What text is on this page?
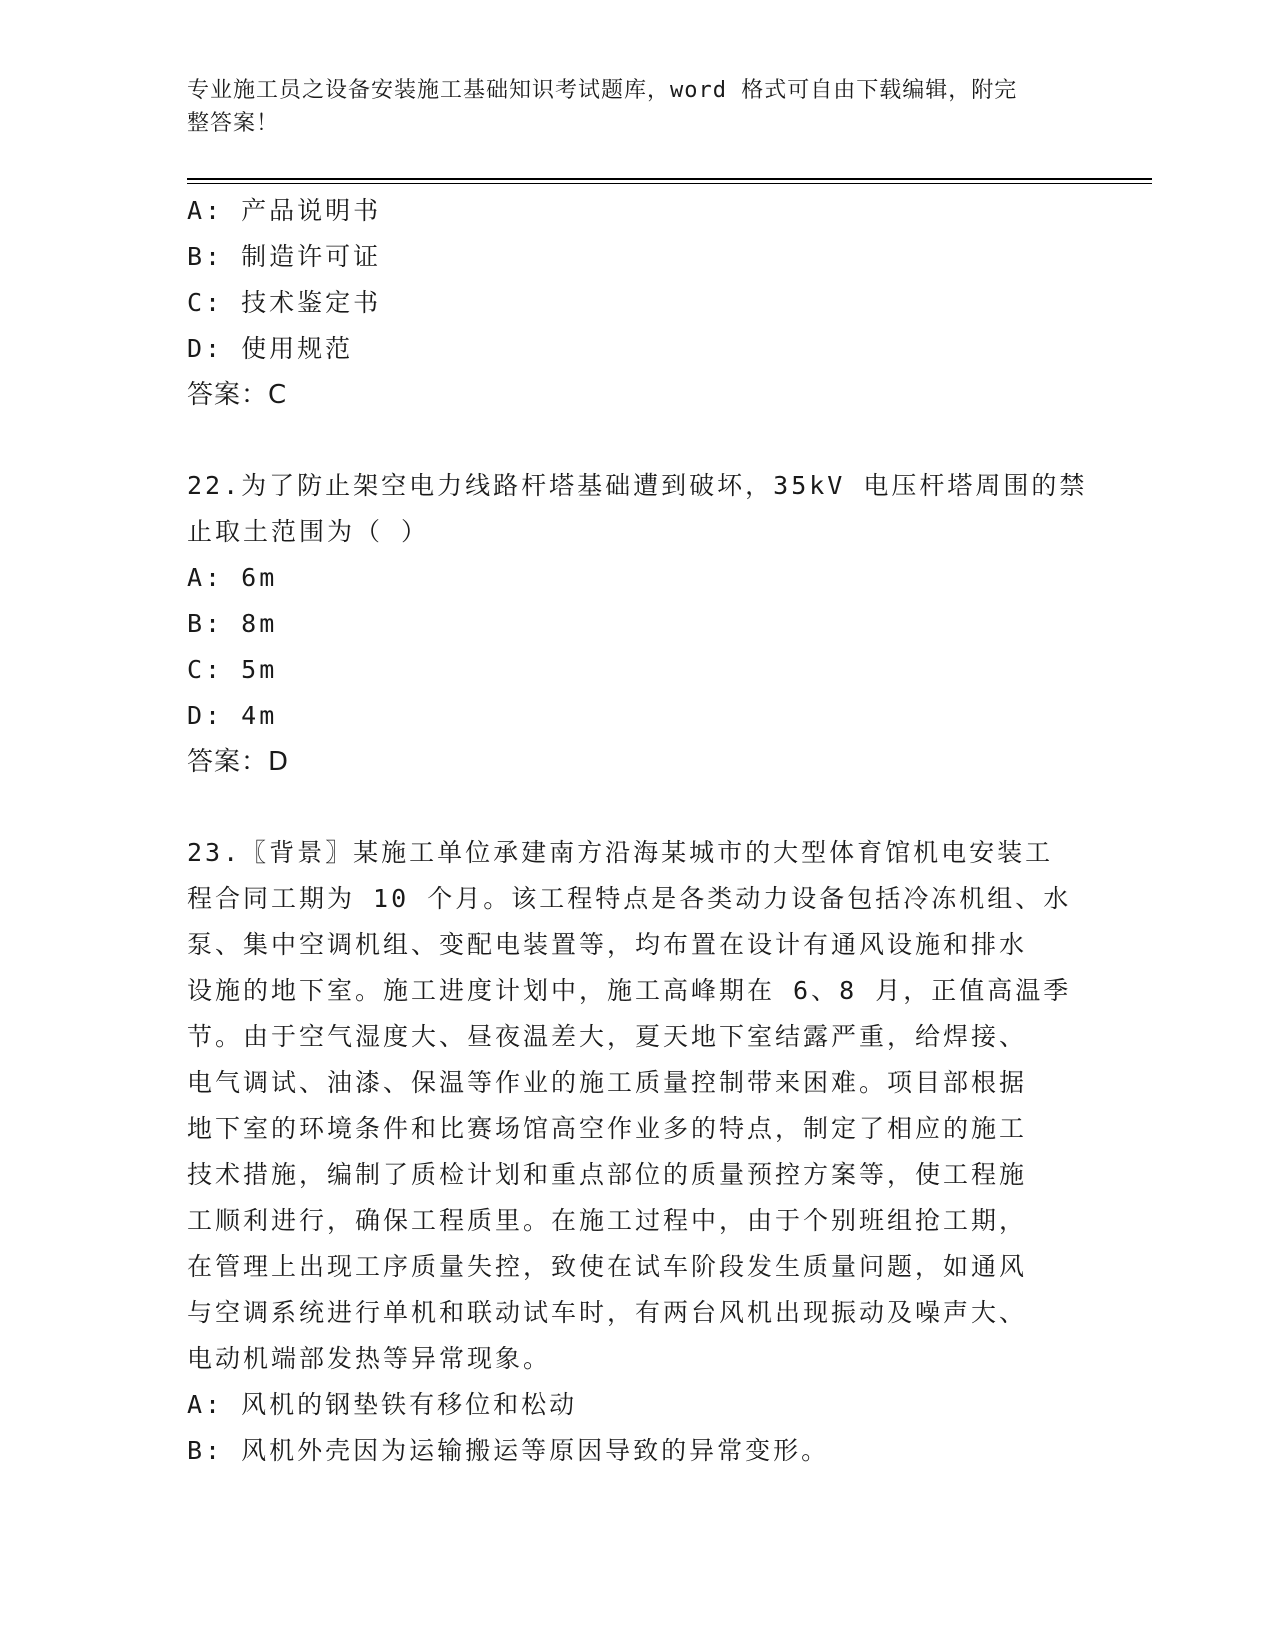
专业施工员之设备安装施工基础知识考试题库，word 格式可自由下载编辑，附完
整答案！

A: 产品说明书

B: 制造许可证

C: 技术鉴定书

D: 使用规范

答案：C

22.为了防止架空电力线路杆塔基础遭到破坏，35kV 电压杆塔周围的禁

止取土范围为（ ）

A: 6m

B: 8m

C: 5m

D: 4m

答案：D

23.〖背景〗某施工单位承建南方沿海某城市的大型体育馆机电安装工

程合同工期为 10 个月。该工程特点是各类动力设备包括冷冻机组、水

泵、集中空调机组、变配电装置等，均布置在设计有通风设施和排水

设施的地下室。施工进度计划中，施工高峰期在 6、8 月，正值高温季

节。由于空气湿度大、昼夜温差大，夏天地下室结露严重，给焊接、

电气调试、油漆、保温等作业的施工质量控制带来困难。项目部根据

地下室的环境条件和比赛场馆高空作业多的特点，制定了相应的施工

技术措施，编制了质检计划和重点部位的质量预控方案等，使工程施

工顺利进行，确保工程质里。在施工过程中，由于个别班组抢工期，

在管理上出现工序质量失控，致使在试车阶段发生质量问题，如通风

与空调系统进行单机和联动试车时，有两台风机出现振动及噪声大、

电动机端部发热等异常现象。

A: 风机的钢垫铁有移位和松动

B: 风机外壳因为运输搬运等原因导致的异常变形。
